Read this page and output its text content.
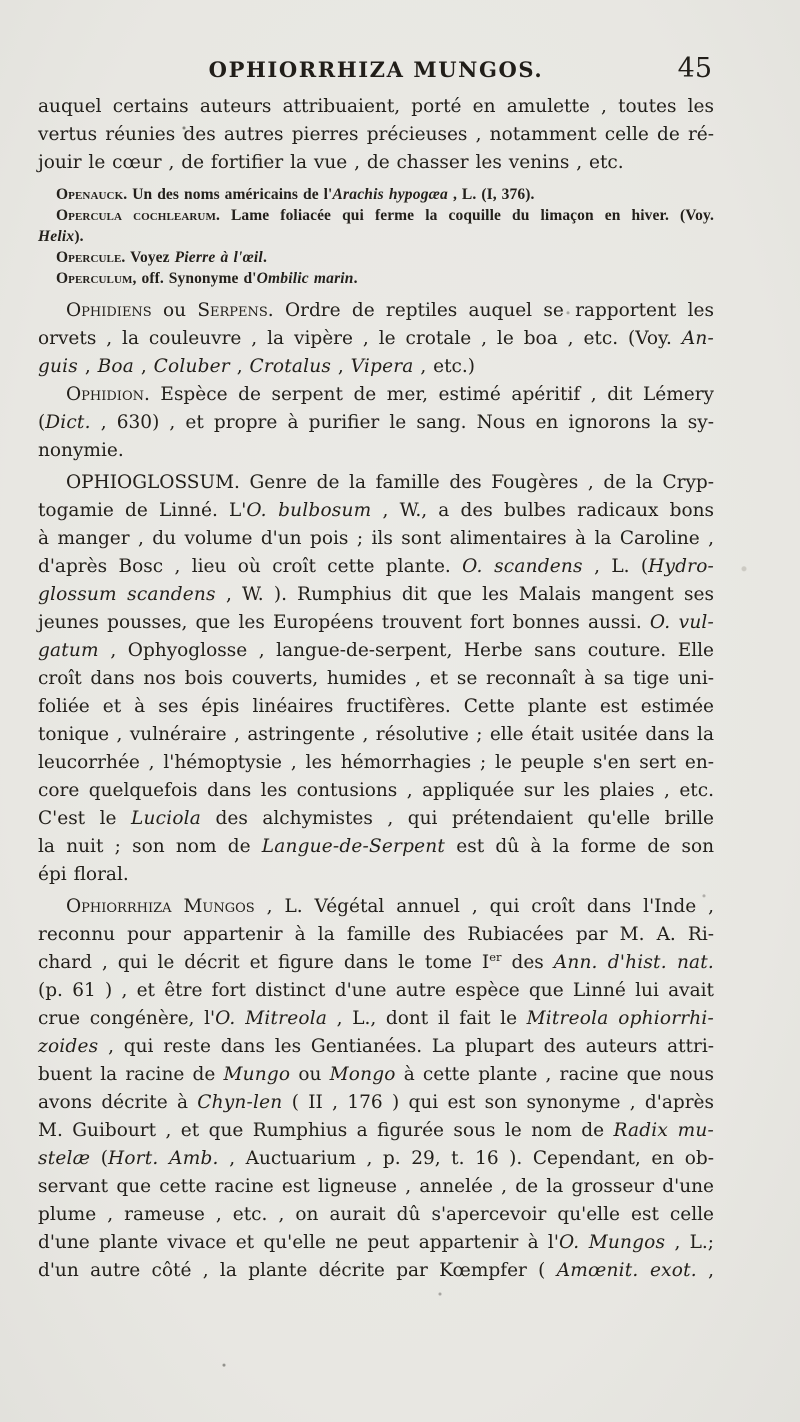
OPHIORRHIZA MUNGOS.	45
auquel certains auteurs attribuaient, porté en amulette , toutes les
vertus réunies des autres pierres précieuses , notamment celle de ré-
jouir le cœur , de fortifier la vue , de chasser les venins , etc.
Openauck. Un des noms américains de l'Arachis hypogæa , L. (I, 376).
Opercula cochlearum. Lame foliacée qui ferme la coquille du limaçon en hiver. (Voy.
Helix).
Opercule. Voyez Pierre à l'œil.
Operculum, off. Synonyme d'Ombilic marin.
Ophidiens ou Serpens. Ordre de reptiles auquel se rapportent les
orvets , la couleuvre , la vipère , le crotale , le boa , etc. (Voy. An-
guis , Boa , Coluber , Crotalus , Vipera , etc.)
Ophidion. Espèce de serpent de mer, estimé apéritif , dit Lémery
(Dict. , 630) , et propre à purifier le sang. Nous en ignorons la sy-
nonymie.
OPHIOGLOSSUM. Genre de la famille des Fougères , de la Cryp-
togamie de Linné. L'O. bulbosum , W., a des bulbes radicaux bons
à manger , du volume d'un pois ; ils sont alimentaires à la Caroline ,
d'après Bosc , lieu où croît cette plante. O. scandens , L. (Hydro-
glossum scandens , W. ). Rumphius dit que les Malais mangent ses
jeunes pousses, que les Européens trouvent fort bonnes aussi. O. vul-
gatum , Ophyoglosse , langue-de-serpent, Herbe sans couture. Elle
croît dans nos bois couverts, humides , et se reconnaît à sa tige uni-
foliée et à ses épis linéaires fructifères. Cette plante est estimée
tonique , vulnéraire , astringente , résolutive ; elle était usitée dans la
leucorrhée , l'hémoptysie , les hémorrhagies ; le peuple s'en sert en-
core quelquefois dans les contusions , appliquée sur les plaies , etc.
C'est le Luciola des alchymistes , qui prétendaient qu'elle brille
la nuit ; son nom de Langue-de-Serpent est dû à la forme de son
épi floral.
Ophiorrhiza Mungos , L. Végétal annuel , qui croît dans l'Inde ,
reconnu pour appartenir à la famille des Rubiacées par M. A. Ri-
chard , qui le décrit et figure dans le tome Ier des Ann. d'hist. nat.
(p. 61 ) , et être fort distinct d'une autre espèce que Linné lui avait
crue congénère, l'O. Mitreola , L., dont il fait le Mitreola ophiorrhi-
zoides , qui reste dans les Gentianées. La plupart des auteurs attri-
buent la racine de Mungo ou Mongo à cette plante , racine que nous
avons décrite à Chyn-len ( II , 176 ) qui est son synonyme , d'après
M. Guibourt , et que Rumphius a figurée sous le nom de Radix mu-
stelæ (Hort. Amb. , Auctuarium , p. 29, t. 16 ). Cependant, en ob-
servant que cette racine est ligneuse , annelée , de la grosseur d'une
plume , rameuse , etc. , on aurait dû s'apercevoir qu'elle est celle
d'une plante vivace et qu'elle ne peut appartenir à l'O. Mungos , L.;
d'un autre côté , la plante décrite par Kœmpfer ( Amœnit. exot. ,
